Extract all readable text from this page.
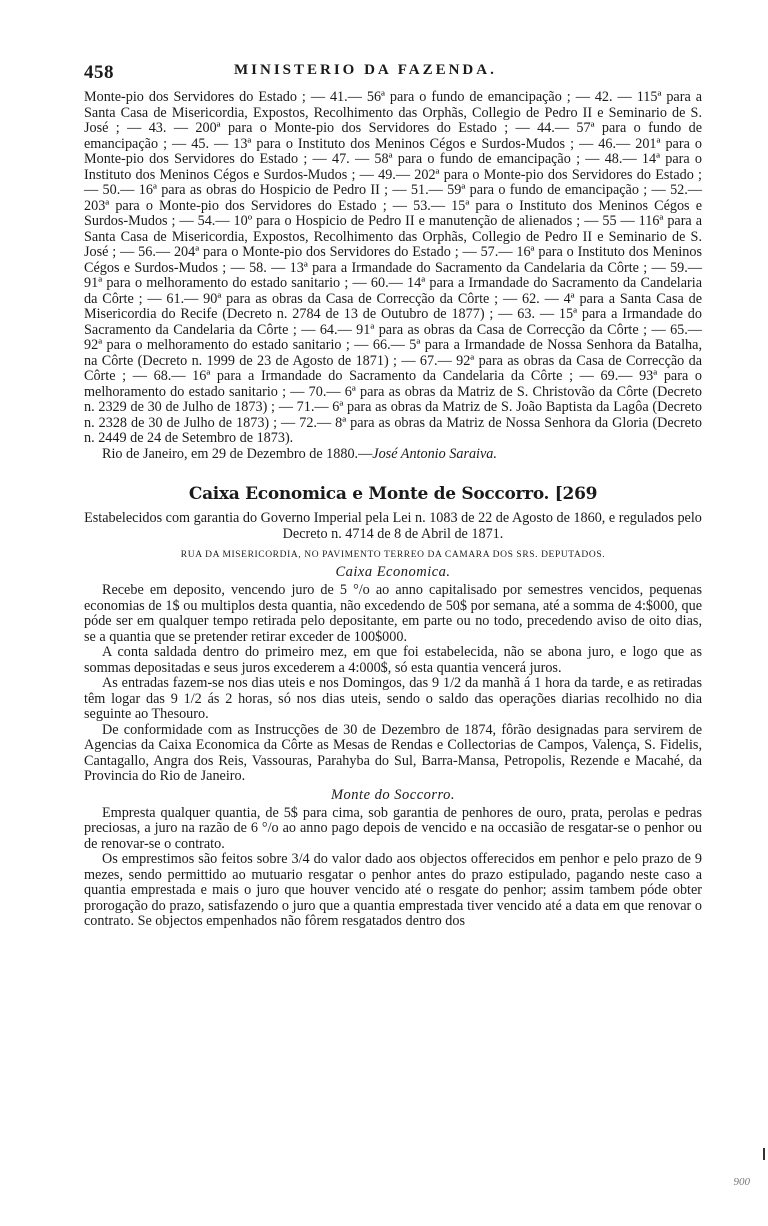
458	MINISTERIO DA FAZENDA.

Monte-pio dos Servidores do Estado ; — 41.— 56ª para o fundo de emancipação ; — 42. — 115ª para a Santa Casa de Misericordia, Expostos, Recolhimento das Orphãs, Collegio de Pedro II e Seminario de S. José ; — 43. — 200ª para o Monte-pio dos Servidores do Estado ; — 44.— 57ª para o fundo de emancipação ; — 45. — 13ª para o Instituto dos Meninos Cégos e Surdos-Mudos ; — 46.— 201ª para o Monte-pio dos Servidores do Estado ; — 47. — 58ª para o fundo de emancipação ; — 48.— 14ª para o Instituto dos Meninos Cégos e Surdos-Mudos ; — 49.— 202ª para o Monte-pio dos Servidores do Estado ; — 50.— 16ª para as obras do Hospicio de Pedro II ; — 51.— 59ª para o fundo de emancipação ; — 52.— 203ª para o Monte-pio dos Servidores do Estado ; — 53.— 15ª para o Instituto dos Meninos Cégos e Surdos-Mudos ; — 54.— 10º para o Hospicio de Pedro II e manutenção de alienados ; — 55 — 116ª para a Santa Casa de Misericordia, Expostos, Recolhimento das Orphãs, Collegio de Pedro II e Seminario de S. José ; — 56.— 204ª para o Monte-pio dos Servidores do Estado ; — 57.— 16ª para o Instituto dos Meninos Cégos e Surdos-Mudos ; — 58. — 13ª para a Irmandade do Sacramento da Candelaria da Côrte ; — 59.— 91ª para o melhoramento do estado sanitario ; — 60.— 14ª para a Irmandade do Sacramento da Candelaria da Côrte ; — 61.— 90ª para as obras da Casa de Correcção da Côrte ; — 62. — 4ª para a Santa Casa de Misericordia do Recife (Decreto n. 2784 de 13 de Outubro de 1877) ; — 63. — 15ª para a Irmandade do Sacramento da Candelaria da Côrte ; — 64.— 91ª para as obras da Casa de Correcção da Côrte ; — 65.— 92ª para o melhoramento do estado sanitario ; — 66.— 5ª para a Irmandade de Nossa Senhora da Batalha, na Côrte (Decreto n. 1999 de 23 de Agosto de 1871) ; — 67.— 92ª para as obras da Casa de Correcção da Côrte ; — 68.— 16ª para a Irmandade do Sacramento da Candelaria da Côrte ; — 69.— 93ª para o melhoramento do estado sanitario ; — 70.— 6ª para as obras da Matriz de S. Christovão da Côrte (Decreto n. 2329 de 30 de Julho de 1873) ; — 71.— 6ª para as obras da Matriz de S. João Baptista da Lagôa (Decreto n. 2328 de 30 de Julho de 1873) ; — 72.— 8ª para as obras da Matriz de Nossa Senhora da Gloria (Decreto n. 2449 de 24 de Setembro de 1873).

Rio de Janeiro, em 29 de Dezembro de 1880.—José Antonio Saraiva.

Caixa Economica e Monte de Soccorro. [269

Estabelecidos com garantia do Governo Imperial pela Lei n. 1083 de 22 de Agosto de 1860, e regulados pelo Decreto n. 4714 de 8 de Abril de 1871.

RUA DA MISERICORDIA, NO PAVIMENTO TERREO DA CAMARA DOS SRS. DEPUTADOS.
Caixa Economica.

Recebe em deposito, vencendo juro de 5 °/o ao anno capitalisado por semestres vencidos, pequenas economias de 1$ ou multiplos desta quantia, não excedendo de 50$ por semana, até a somma de 4:$000, que póde ser em qualquer tempo retirada pelo depositante, em parte ou no todo, precedendo aviso de oito dias, se a quantia que se pretender retirar exceder de 100$000.

A conta saldada dentro do primeiro mez, em que foi estabelecida, não se abona juro, e logo que as sommas depositadas e seus juros excederem a 4:000$, só esta quantia vencerá juros.

As entradas fazem-se nos dias uteis e nos Domingos, das 9 1/2 da manhã á 1 hora da tarde, e as retiradas têm logar das 9 1/2 ás 2 horas, só nos dias uteis, sendo o saldo das operações diarias recolhido no dia seguinte ao Thesouro.

De conformidade com as Instrucções de 30 de Dezembro de 1874, fôrão designadas para servirem de Agencias da Caixa Economica da Côrte as Mesas de Rendas e Collectorias de Campos, Valença, S. Fidelis, Cantagallo, Angra dos Reis, Vassouras, Parahyba do Sul, Barra-Mansa, Petropolis, Rezende e Macahé, da Provincia do Rio de Janeiro.

Monte do Soccorro.

Empresta qualquer quantia, de 5$ para cima, sob garantia de penhores de ouro, prata, perolas e pedras preciosas, a juro na razão de 6 °/o ao anno pago depois de vencido e na occasião de resgatar-se o penhor ou de renovar-se o contrato.

Os emprestimos são feitos sobre 3/4 do valor dado aos objectos offerecidos em penhor e pelo prazo de 9 mezes, sendo permittido ao mutuario resgatar o penhor antes do prazo estipulado, pagando neste caso a quantia emprestada e mais o juro que houver vencido até o resgate do penhor; assim tambem póde obter prorogação do prazo, satisfazendo o juro que a quantia emprestada tiver vencido até a data em que renovar o contrato. Se objectos empenhados não fôrem resgatados dentro dos

900
